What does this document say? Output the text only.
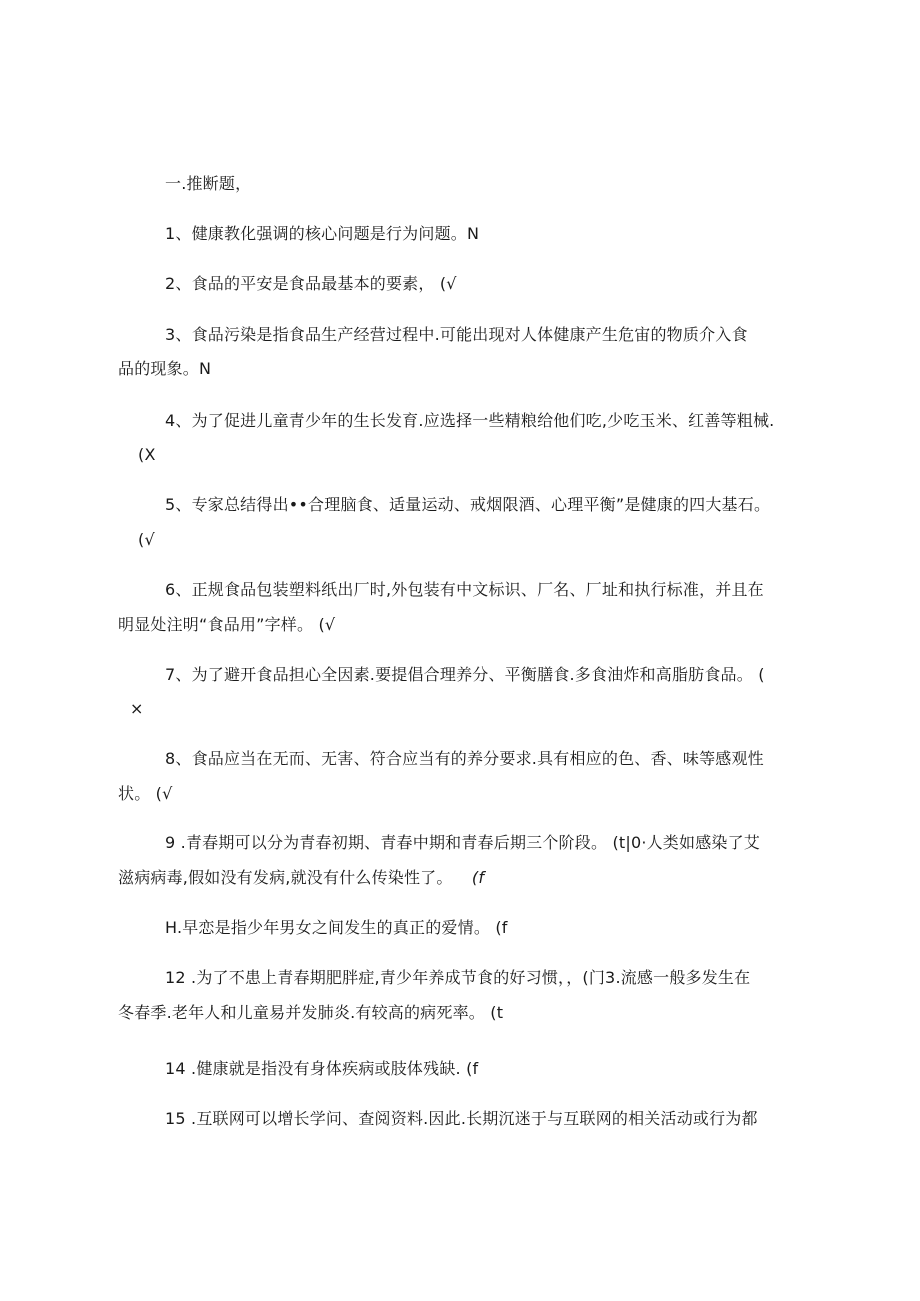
一.推断题，
1、健康教化强调的核心问题是行为问题。N
2、食品的平安是食品最基本的要素， (√
3、食品污染是指食品生产经营过程中.可能出现对人体健康产生危宙的物质介入食
品的现象。N
4、为了促进儿童青少年的生长发育.应选择一些精粮给他们吃,少吃玉米、红善等粗械.
(X
5、专家总结得出••合理脑食、适量运动、戒烟限酒、心理平衡”是健康的四大基石。
(√
6、正规食品包装塑料纸出厂时,外包装有中文标识、厂名、厂址和执行标准，并且在
明显处注明“食品用”字样。 (√
7、为了避开食品担心全因素.要提倡合理养分、平衡膳食.多食油炸和高脂肪食品。 (
×
8、食品应当在无而、无害、符合应当有的养分要求.具有相应的色、香、味等感观性
状。 (√
9 .青春期可以分为青春初期、青春中期和青春后期三个阶段。 (t|0·人类如感染了艾
滋病病毒,假如没有发病,就没有什么传染性了。 (f
H.早恋是指少年男女之间发生的真正的爱情。 (f
12 .为了不患上青春期肥胖症,青少年养成节食的好习惯，，(门3.流感一般多发生在
冬春季.老年人和儿童易并发肺炎.有较高的病死率。 (t
14 .健康就是指没有身体疾病或肢体残缺. (f
15 .互联网可以增长学问、查阅资料.因此.长期沉迷于与互联网的相关活动或行为都
